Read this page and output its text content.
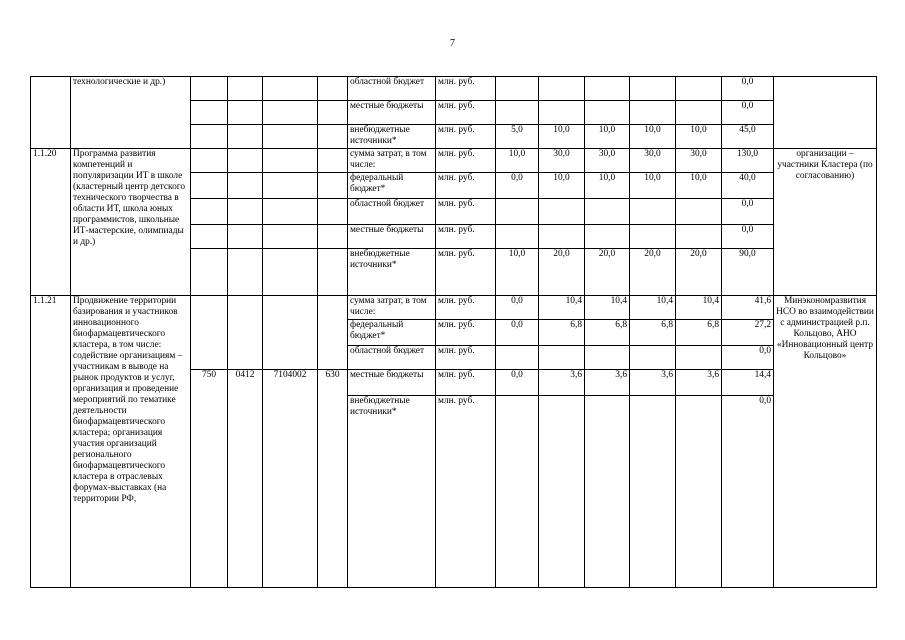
7
	технологические и др.)					областной бюджет	млн. руб.						0,0	
						местные бюджеты	млн. руб.						0,0	
						внебюджетные источники*	млн. руб.	5,0	10,0	10,0	10,0	10,0	45,0	
1.1.20	Программа развития компетенций и популяризации ИТ в школе (кластерный центр детского технического творчества в области ИТ, школа юных программистов, школьные ИТ-мастерские, олимпиады и др.)					сумма затрат, в том числе:	млн. руб.	10,0	30,0	30,0	30,0	30,0	130,0	организации – участники Кластера (по согласованию)
						федеральный бюджет*	млн. руб.	0,0	10,0	10,0	10,0	10,0	40,0	
						областной бюджет	млн. руб.						0,0	
						местные бюджеты	млн. руб.						0,0	
						внебюджетные источники*	млн. руб.	10,0	20,0	20,0	20,0	20,0	90,0	
1.1.21	Продвижение территории базирования и участников инновационного биофармацевтического кластера, в том числе: содействие организациям – участникам в выводе на рынок продуктов и услуг, организация и проведение мероприятий по тематике деятельности биофармацевтического кластера; организация участия организаций регионального биофармацевтического кластера в отраслевых форумах-выставках (на территории РФ,					сумма затрат, в том числе:	млн. руб.	0,0	10,4	10,4	10,4	10,4	41,6	Минэкономразвития НСО во взаимодействии с администрацией р.п. Кольцово, АНО «Инновационный центр Кольцово»
						федеральный бюджет*	млн. руб.	0,0	6,8	6,8	6,8	6,8	27,2	
						областной бюджет	млн. руб.						0,0	
		750	0412	7104002	630	местные бюджеты	млн. руб.	0,0	3,6	3,6	3,6	3,6	14,4	
						внебюджетные источники*	млн. руб.						0,0	
